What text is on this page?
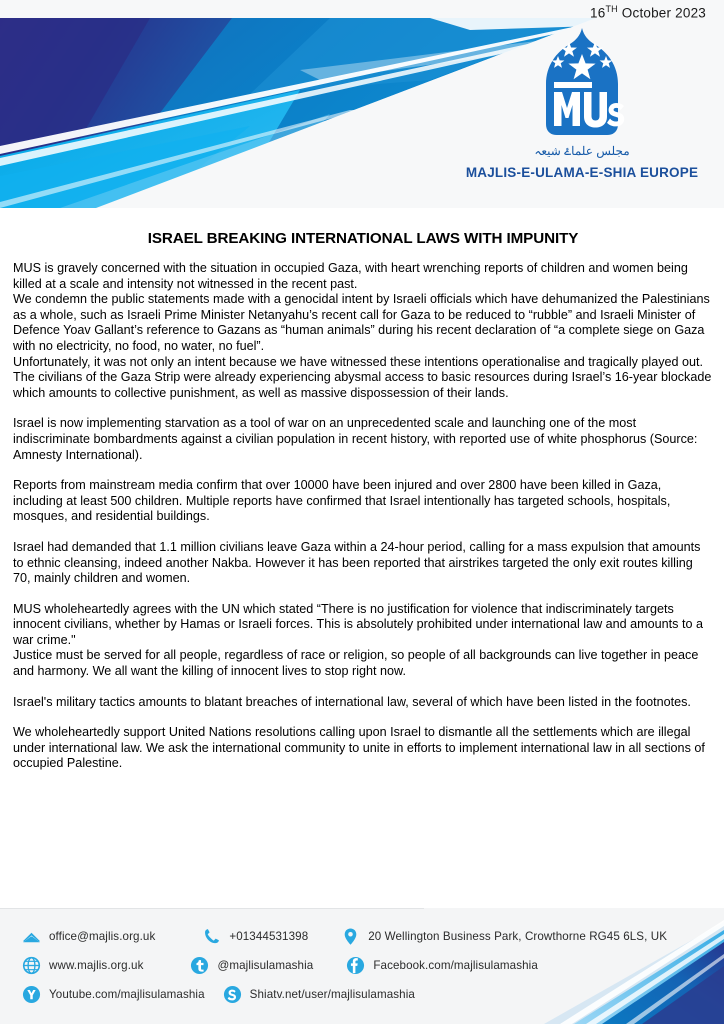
16TH October 2023
مجلس علماۓ شیعہ
MAJLIS-E-ULAMA-E-SHIA EUROPE
ISRAEL BREAKING INTERNATIONAL LAWS WITH IMPUNITY

MUS is gravely concerned with the situation in occupied Gaza, with heart wrenching reports of children and women being killed at a scale and intensity not witnessed in the recent past.

We condemn the public statements made with a genocidal intent by Israeli officials which have dehumanized the Palestinians as a whole, such as Israeli Prime Minister Netanyahu’s recent call for Gaza to be reduced to “rubble” and Israeli Minister of Defence Yoav Gallant’s reference to Gazans as “human animals” during his recent declaration of “a complete siege on Gaza with no electricity, no food, no water, no fuel”.

Unfortunately, it was not only an intent because we have witnessed these intentions operationalise and tragically played out.

The civilians of the Gaza Strip were already experiencing abysmal access to basic resources during Israel’s 16-year blockade which amounts to collective punishment, as well as massive dispossession of their lands.

Israel is now implementing starvation as a tool of war on an unprecedented scale and launching one of the most indiscriminate bombardments against a civilian population in recent history, with reported use of white phosphorus (Source: Amnesty International).

Reports from mainstream media confirm that over 10000 have been injured and over 2800 have been killed in Gaza, including at least 500 children. Multiple reports have confirmed that Israel intentionally has targeted schools, hospitals, mosques, and residential buildings.

Israel had demanded that 1.1 million civilians leave Gaza within a 24-hour period, calling for a mass expulsion that amounts to ethnic cleansing, indeed another Nakba. However it has been reported that airstrikes targeted the only exit routes killing 70, mainly children and women.

MUS wholeheartedly agrees with the UN which stated “There is no justification for violence that indiscriminately targets innocent civilians, whether by Hamas or Israeli forces. This is absolutely prohibited under international law and amounts to a war crime."

Justice must be served for all people, regardless of race or religion, so people of all backgrounds can live together in peace and harmony. We all want the killing of innocent lives to stop right now.

Israel's military tactics amounts to blatant breaches of international law, several of which have been listed in the footnotes.

We wholeheartedly support United Nations resolutions calling upon Israel to dismantle all the settlements which are illegal under international law. We ask the international community to unite in efforts to implement international law in all sections of occupied Palestine.

office@majlis.org.uk	+01344531398	20 Wellington Business Park, Crowthorne RG45 6LS, UK
www.majlis.org.uk	@majlisulamashia	Facebook.com/majlisulamashia
Youtube.com/majlisulamashia	Shiatv.net/user/majlisulamashia
